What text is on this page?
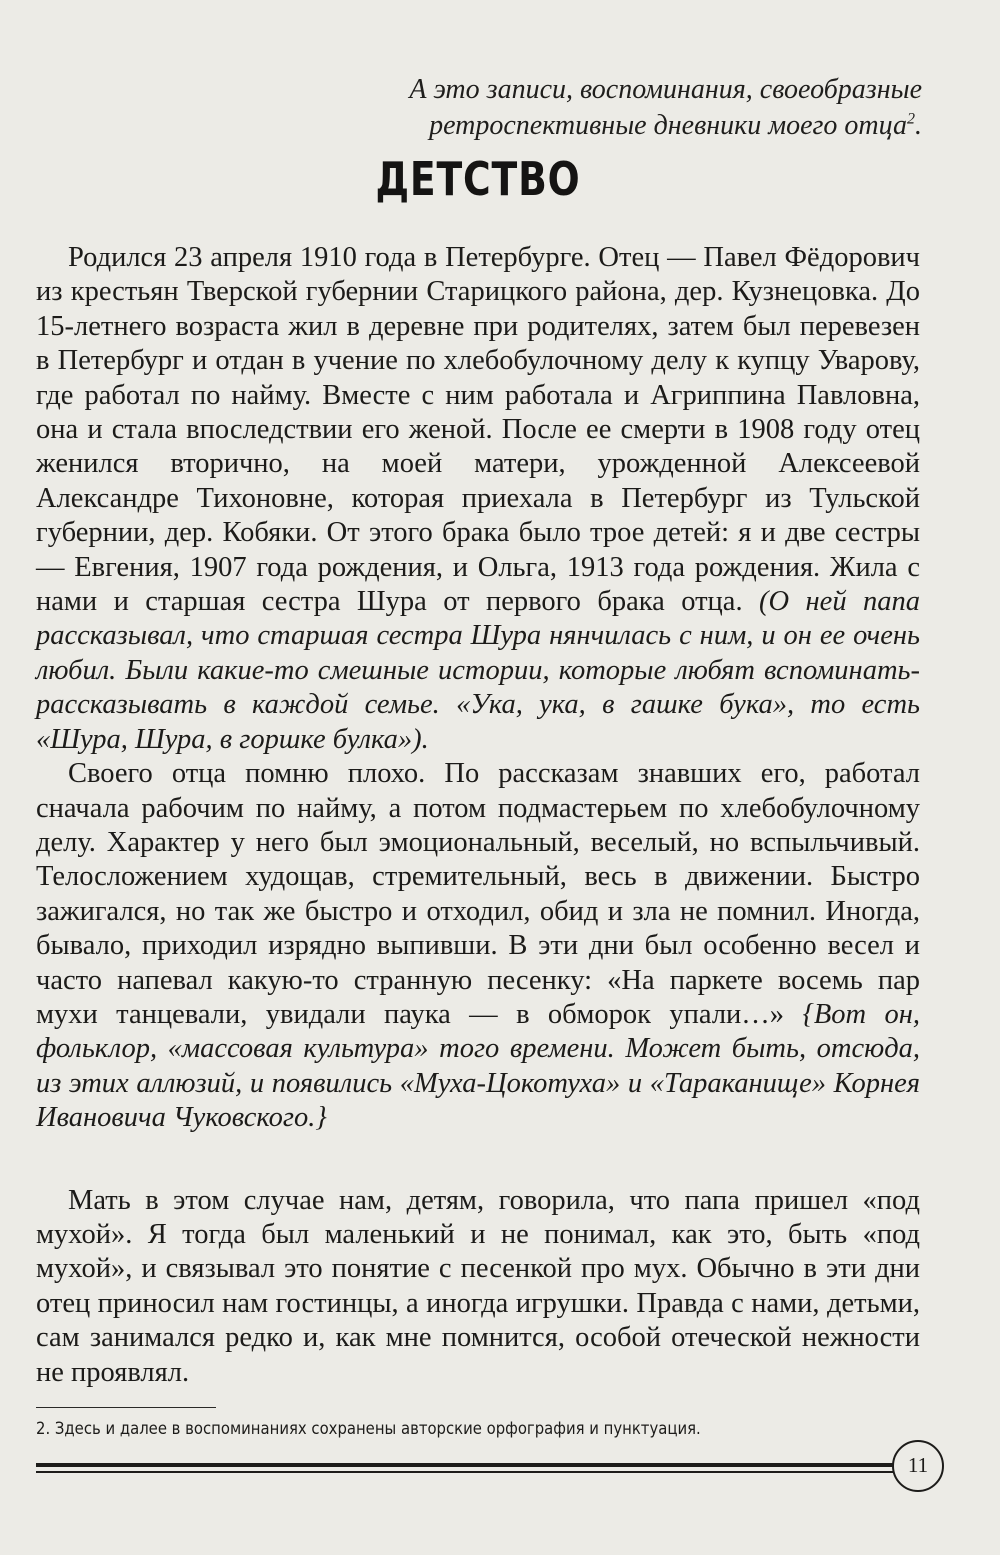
А это записи, воспоминания, своеобразные
ретроспективные дневники моего отца$^2$.
ДЕТСТВО

Родился 23 апреля 1910 года в Петербурге. Отец — Павел Фёдорович из крестьян Тверской губернии Старицкого района, дер. Кузнецовка. До 15-летнего возраста жил в деревне при родителях, затем был перевезен в Петербург и отдан в учение по хлебобулочному делу к купцу Уварову, где работал по найму. Вместе с ним работала и Агриппина Павловна, она и стала впоследствии его женой. После ее смерти в 1908 году отец женился вторично, на моей матери, урожденной Алексеевой Александре Тихоновне, которая приехала в Петербург из Тульской губернии, дер. Кобяки. От этого брака было трое детей: я и две сестры — Евгения, 1907 года рождения, и Ольга, 1913 года рождения. Жила с нами и старшая сестра Шура от первого брака отца. (О ней папа рассказывал, что старшая сестра Шура нянчилась с ним, и он ее очень любил. Были какие-то смешные истории, которые любят вспоминать-рассказывать в каждой семье. «Ука, ука, в гашке бука», то есть «Шура, Шура, в горшке булка»).

Своего отца помню плохо. По рассказам знавших его, работал сначала рабочим по найму, а потом подмастерьем по хлебобулочному делу. Характер у него был эмоциональный, веселый, но вспыльчивый. Телосложением худощав, стремительный, весь в движении. Быстро зажигался, но так же быстро и отходил, обид и зла не помнил. Иногда, бывало, приходил изрядно выпивши. В эти дни был особенно весел и часто напевал какую-то странную песенку: «На паркете восемь пар мухи танцевали, увидали паука — в обморок упали…» {Вот он, фольклор, «массовая культура» того времени. Может быть, отсюда, из этих аллюзий, и появились «Муха-Цокотуха» и «Тараканище» Корнея Ивановича Чуковского.}

Мать в этом случае нам, детям, говорила, что папа пришел «под мухой». Я тогда был маленький и не понимал, как это, быть «под мухой», и связывал это понятие с песенкой про мух. Обычно в эти дни отец приносил нам гостинцы, а иногда игрушки. Правда с нами, детьми, сам занимался редко и, как мне помнится, особой отеческой нежности не проявлял.

2. Здесь и далее в воспоминаниях сохранены авторские орфография и пунктуация.
11
